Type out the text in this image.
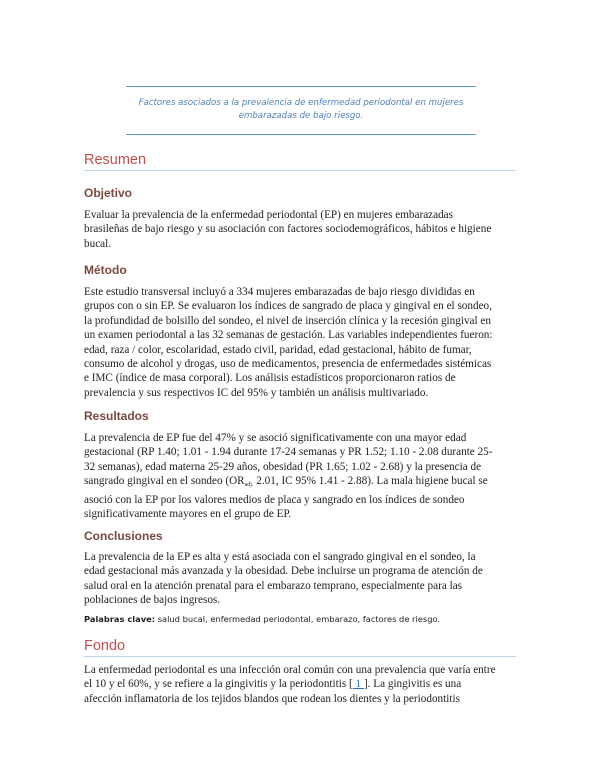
Factores asociados a la prevalencia de enfermedad periodontal en mujeres
embarazadas de bajo riesgo.
Resumen
Objetivo

Evaluar la prevalencia de la enfermedad periodontal (EP) en mujeres embarazadas

brasileñas de bajo riesgo y su asociación con factores sociodemográficos, hábitos e higiene

bucal.

Método

Este estudio transversal incluyó a 334 mujeres embarazadas de bajo riesgo divididas en

grupos con o sin EP. Se evaluaron los índices de sangrado de placa y gingival en el sondeo,

la profundidad de bolsillo del sondeo, el nivel de inserción clínica y la recesión gingival en

un examen periodontal a las 32 semanas de gestación. Las variables independientes fueron:

edad, raza / color, escolaridad, estado civil, paridad, edad gestacional, hábito de fumar,

consumo de alcohol y drogas, uso de medicamentos, presencia de enfermedades sistémicas

e IMC (índice de masa corporal). Los análisis estadísticos proporcionaron ratios de

prevalencia y sus respectivos IC del 95% y también un análisis multivariado.

Resultados

La prevalencia de EP fue del 47% y se asoció significativamente con una mayor edad

gestacional (RP 1.40; 1.01 - 1.94 durante 17-24 semanas y PR 1.52; 1.10 - 2.08 durante 25-

32 semanas), edad materna 25-29 años, obesidad (PR 1.65; 1.02 - 2.68) y la presencia de

sangrado gingival en el sondeo ($OR_{adj.}$ 2.01, IC 95% 1.41 - 2.88). La mala higiene bucal se

asoció con la EP por los valores medios de placa y sangrado en los índices de sondeo

significativamente mayores en el grupo de EP.

Conclusiones

La prevalencia de la EP es alta y está asociada con el sangrado gingival en el sondeo, la

edad gestacional más avanzada y la obesidad. Debe incluirse un programa de atención de

salud oral en la atención prenatal para el embarazo temprano, especialmente para las

poblaciones de bajos ingresos.

Palabras clave: salud bucal, enfermedad periodontal, embarazo, factores de riesgo.
Fondo

La enfermedad periodontal es una infección oral común con una prevalencia que varía entre

el 10 y el 60%, y se refiere a la gingivitis y la periodontitis [ 1 ]. La gingivitis es una

afección inflamatoria de los tejidos blandos que rodean los dientes y la periodontitis
